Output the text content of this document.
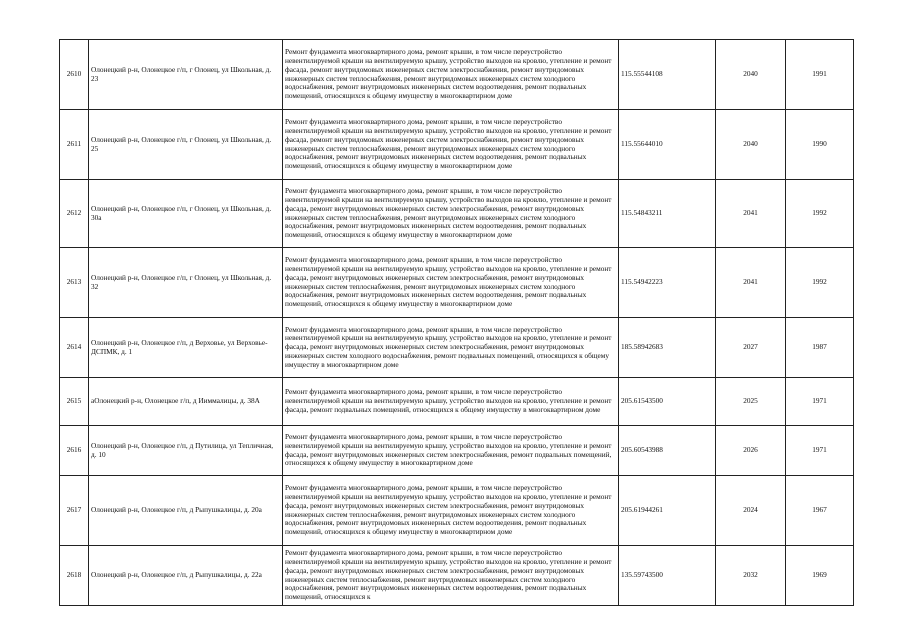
2610	Олонецкий р-н, Олонецкое г/п, г Олонец, ул Школьная, д. 23	Ремонт фундамента многоквартирного дома, ремонт крыши, в том числе переустройство невентилируемой крыши на вентилируемую крышу, устройство выходов на кровлю, утепление и ремонт фасада, ремонт внутридомовых инженерных систем электроснабжения, ремонт внутридомовых инженерных систем теплоснабжения, ремонт внутридомовых инженерных систем холодного водоснабжения, ремонт внутридомовых инженерных систем водоотведения, ремонт подвальных помещений, относящихся к общему имуществу в многоквартирном доме	115.55544108	2040	1991
2611	Олонецкий р-н, Олонецкое г/п, г Олонец, ул Школьная, д. 25	Ремонт фундамента многоквартирного дома, ремонт крыши, в том числе переустройство невентилируемой крыши на вентилируемую крышу, устройство выходов на кровлю, утепление и ремонт фасада, ремонт внутридомовых инженерных систем электроснабжения, ремонт внутридомовых инженерных систем теплоснабжения, ремонт внутридомовых инженерных систем холодного водоснабжения, ремонт внутридомовых инженерных систем водоотведения, ремонт подвальных помещений, относящихся к общему имуществу в многоквартирном доме	115.55644010	2040	1990
2612	Олонецкий р-н, Олонецкое г/п, г Олонец, ул Школьная, д. 30а	Ремонт фундамента многоквартирного дома, ремонт крыши, в том числе переустройство невентилируемой крыши на вентилируемую крышу, устройство выходов на кровлю, утепление и ремонт фасада, ремонт внутридомовых инженерных систем электроснабжения, ремонт внутридомовых инженерных систем теплоснабжения, ремонт внутридомовых инженерных систем холодного водоснабжения, ремонт внутридомовых инженерных систем водоотведения, ремонт подвальных помещений, относящихся к общему имуществу в многоквартирном доме	115.54843211	2041	1992
2613	Олонецкий р-н, Олонецкое г/п, г Олонец, ул Школьная, д. 32	Ремонт фундамента многоквартирного дома, ремонт крыши, в том числе переустройство невентилируемой крыши на вентилируемую крышу, устройство выходов на кровлю, утепление и ремонт фасада, ремонт внутридомовых инженерных систем электроснабжения, ремонт внутридомовых инженерных систем теплоснабжения, ремонт внутридомовых инженерных систем холодного водоснабжения, ремонт внутридомовых инженерных систем водоотведения, ремонт подвальных помещений, относящихся к общему имуществу в многоквартирном доме	115.54942223	2041	1992
2614	Олонецкий р-н, Олонецкое г/п, д Верховье, ул Верховье-ДСПМК, д. 1	Ремонт фундамента многоквартирного дома, ремонт крыши, в том числе переустройство невентилируемой крыши на вентилируемую крышу, устройство выходов на кровлю, утепление и ремонт фасада, ремонт внутридомовых инженерных систем электроснабжения, ремонт внутридомовых инженерных систем холодного водоснабжения, ремонт подвальных помещений, относящихся к общему имуществу в многоквартирном доме	185.58942683	2027	1987
2615	аОлонецкий р-н, Олонецкое г/п, д Ииммалицы, д. 38А	Ремонт фундамента многоквартирного дома, ремонт крыши, в том числе переустройство невентилируемой крыши на вентилируемую крышу, устройство выходов на кровлю, утепление и ремонт фасада, ремонт подвальных помещений, относящихся к общему имуществу в многоквартирном доме	205.61543500	2025	1971
2616	Олонецкий р-н, Олонецкое г/п, д Путилица, ул Тепличная, д. 10	Ремонт фундамента многоквартирного дома, ремонт крыши, в том числе переустройство невентилируемой крыши на вентилируемую крышу, устройство выходов на кровлю, утепление и ремонт фасада, ремонт внутридомовых инженерных систем электроснабжения, ремонт подвальных помещений, относящихся к общему имуществу в многоквартирном доме	205.60543988	2026	1971
2617	Олонецкий р-н, Олонецкое г/п, д Рыпушкалицы, д. 20а	Ремонт фундамента многоквартирного дома, ремонт крыши, в том числе переустройство невентилируемой крыши на вентилируемую крышу, устройство выходов на кровлю, утепление и ремонт фасада, ремонт внутридомовых инженерных систем электроснабжения, ремонт внутридомовых инженерных систем теплоснабжения, ремонт внутридомовых инженерных систем холодного водоснабжения, ремонт внутридомовых инженерных систем водоотведения, ремонт подвальных помещений, относящихся к общему имуществу в многоквартирном доме	205.61944261	2024	1967
2618	Олонецкий р-н, Олонецкое г/п, д Рыпушкалицы, д. 22а	Ремонт фундамента многоквартирного дома, ремонт крыши, в том числе переустройство невентилируемой крыши на вентилируемую крышу, устройство выходов на кровлю, утепление и ремонт фасада, ремонт внутридомовых инженерных систем электроснабжения, ремонт внутридомовых инженерных систем теплоснабжения, ремонт внутридомовых инженерных систем холодного водоснабжения, ремонт внутридомовых инженерных систем водоотведения, ремонт подвальных помещений, относящихся к	135.59743500	2032	1969
